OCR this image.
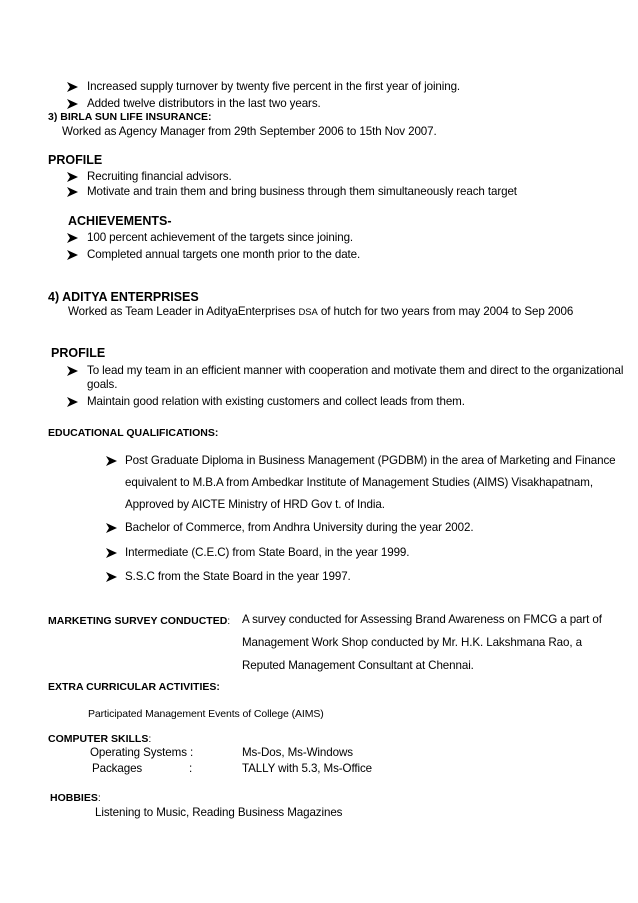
Increased supply turnover by twenty five percent in the first year of joining.
Added twelve distributors in the last two years.
3) BIRLA SUN LIFE INSURANCE:
Worked as Agency Manager from 29th September 2006 to 15th Nov 2007.
PROFILE
Recruiting financial advisors.
Motivate and train them and bring business through them simultaneously reach target
ACHIEVEMENTS-
100 percent achievement of the targets since joining.
Completed annual targets one month prior to the date.
4) ADITYA ENTERPRISES
Worked as Team Leader in AdityaEnterprises DSA of hutch for two years from may 2004 to Sep 2006
PROFILE
To lead my team in an efficient manner with cooperation and motivate them and direct to the organizational
goals.
Maintain good relation with existing customers and collect leads from them.
EDUCATIONAL QUALIFICATIONS:
Post Graduate Diploma in Business Management (PGDBM) in the area of Marketing and Finance
equivalent to M.B.A from Ambedkar Institute of Management Studies (AIMS) Visakhapatnam,
Approved by AICTE Ministry of HRD Gov t. of India.
Bachelor of Commerce, from Andhra University during the year 2002.
Intermediate (C.E.C) from State Board, in the year 1999.
S.S.C from the State Board in the year 1997.
MARKETING SURVEY CONDUCTED: A survey conducted for Assessing Brand Awareness on FMCG a part of
Management Work Shop conducted by Mr. H.K. Lakshmana Rao, a
Reputed Management Consultant at Chennai.
EXTRA CURRICULAR ACTIVITIES:
Participated Management Events of College (AIMS)
COMPUTER SKILLS:
Operating Systems :	Ms-Dos, Ms-Windows
Packages	:	TALLY with 5.3, Ms-Office
HOBBIES:
Listening to Music, Reading Business Magazines
